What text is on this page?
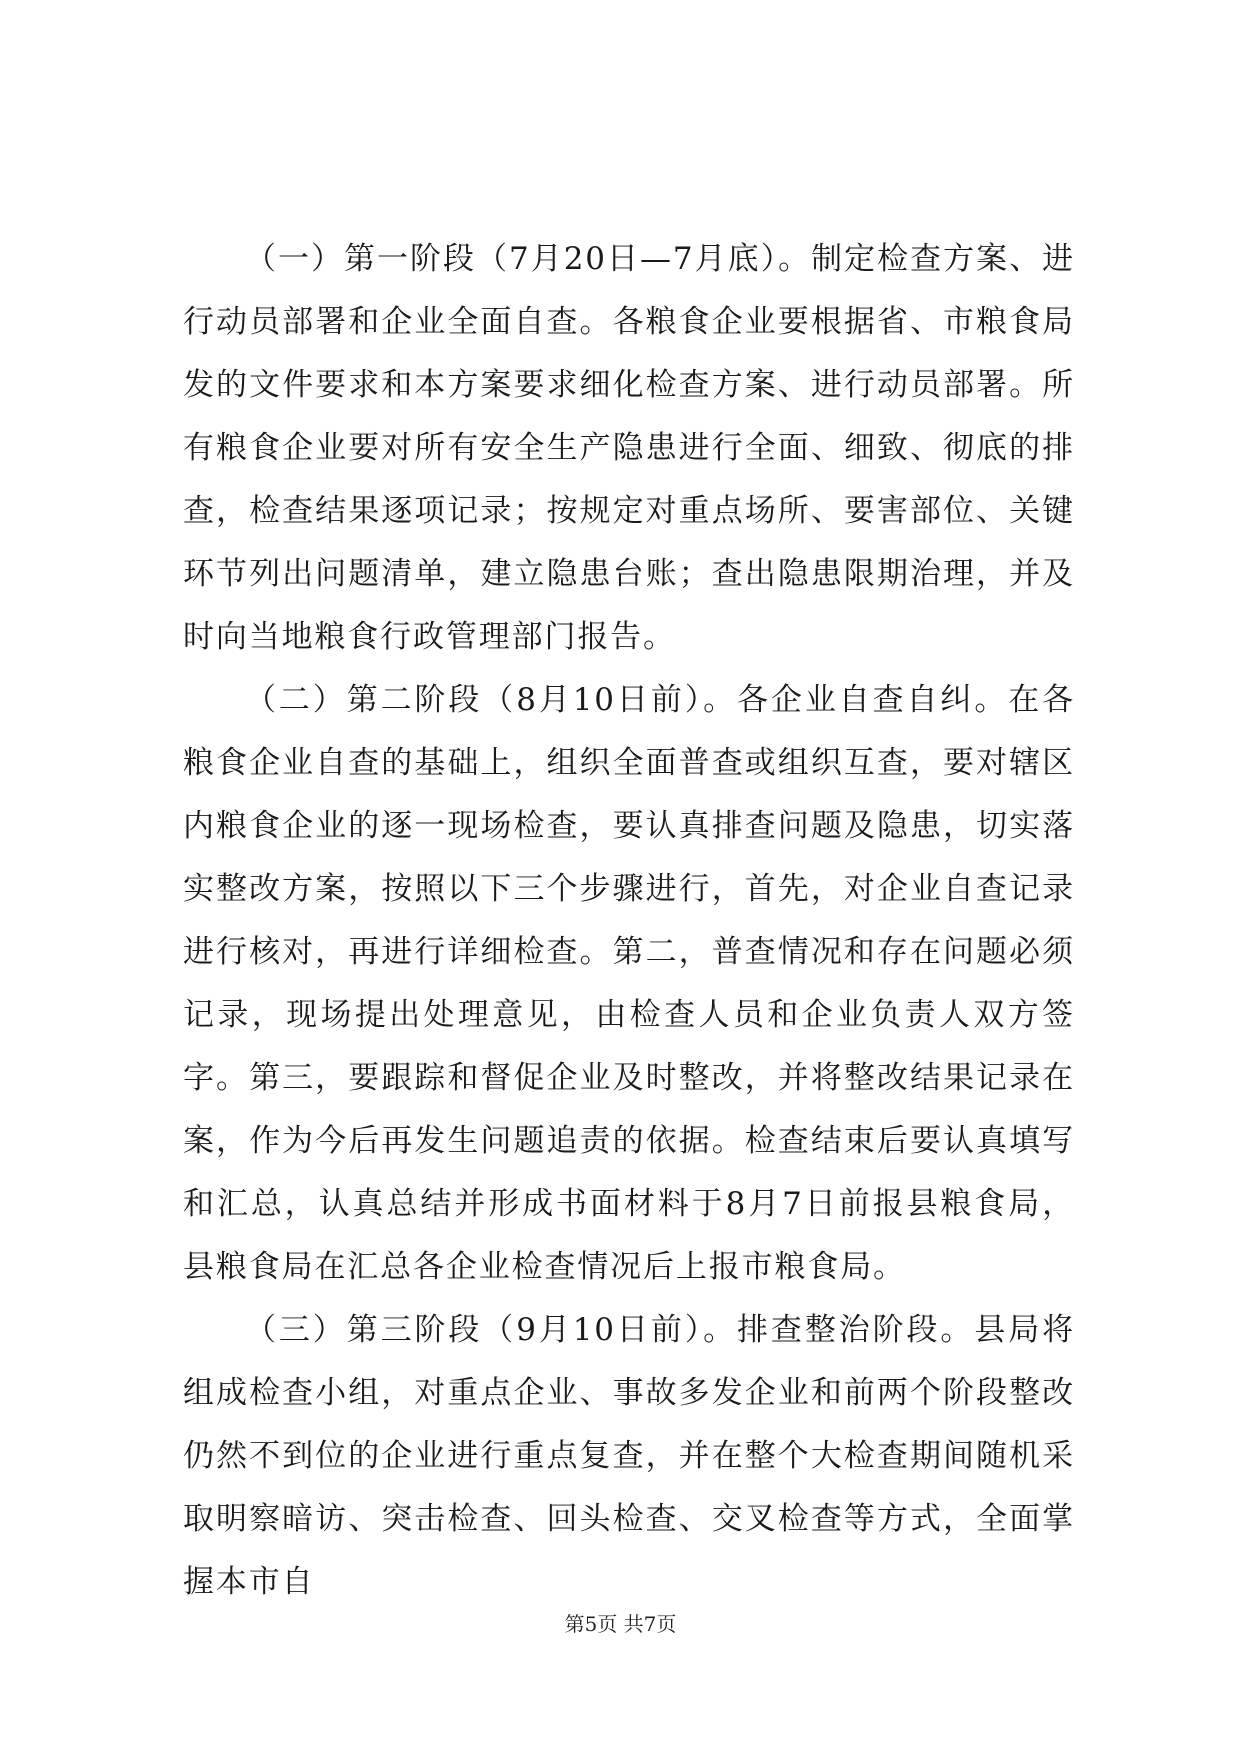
（一）第一阶段（7月20日—7月底）。制定检查方案、进行动员部署和企业全面自查。各粮食企业要根据省、市粮食局发的文件要求和本方案要求细化检查方案、进行动员部署。所有粮食企业要对所有安全生产隐患进行全面、细致、彻底的排查，检查结果逐项记录；按规定对重点场所、要害部位、关键环节列出问题清单，建立隐患台账；查出隐患限期治理，并及时向当地粮食行政管理部门报告。

（二）第二阶段（8月10日前）。各企业自查自纠。在各粮食企业自查的基础上，组织全面普查或组织互查，要对辖区内粮食企业的逐一现场检查，要认真排查问题及隐患，切实落实整改方案，按照以下三个步骤进行，首先，对企业自查记录进行核对，再进行详细检查。第二，普查情况和存在问题必须记录，现场提出处理意见，由检查人员和企业负责人双方签字。第三，要跟踪和督促企业及时整改，并将整改结果记录在案，作为今后再发生问题追责的依据。检查结束后要认真填写和汇总，认真总结并形成书面材料于8月7日前报县粮食局，县粮食局在汇总各企业检查情况后上报市粮食局。

（三）第三阶段（9月10日前）。排查整治阶段。县局将组成检查小组，对重点企业、事故多发企业和前两个阶段整改仍然不到位的企业进行重点复查，并在整个大检查期间随机采取明察暗访、突击检查、回头检查、交叉检查等方式，全面掌握本市自

第5页 共7页
